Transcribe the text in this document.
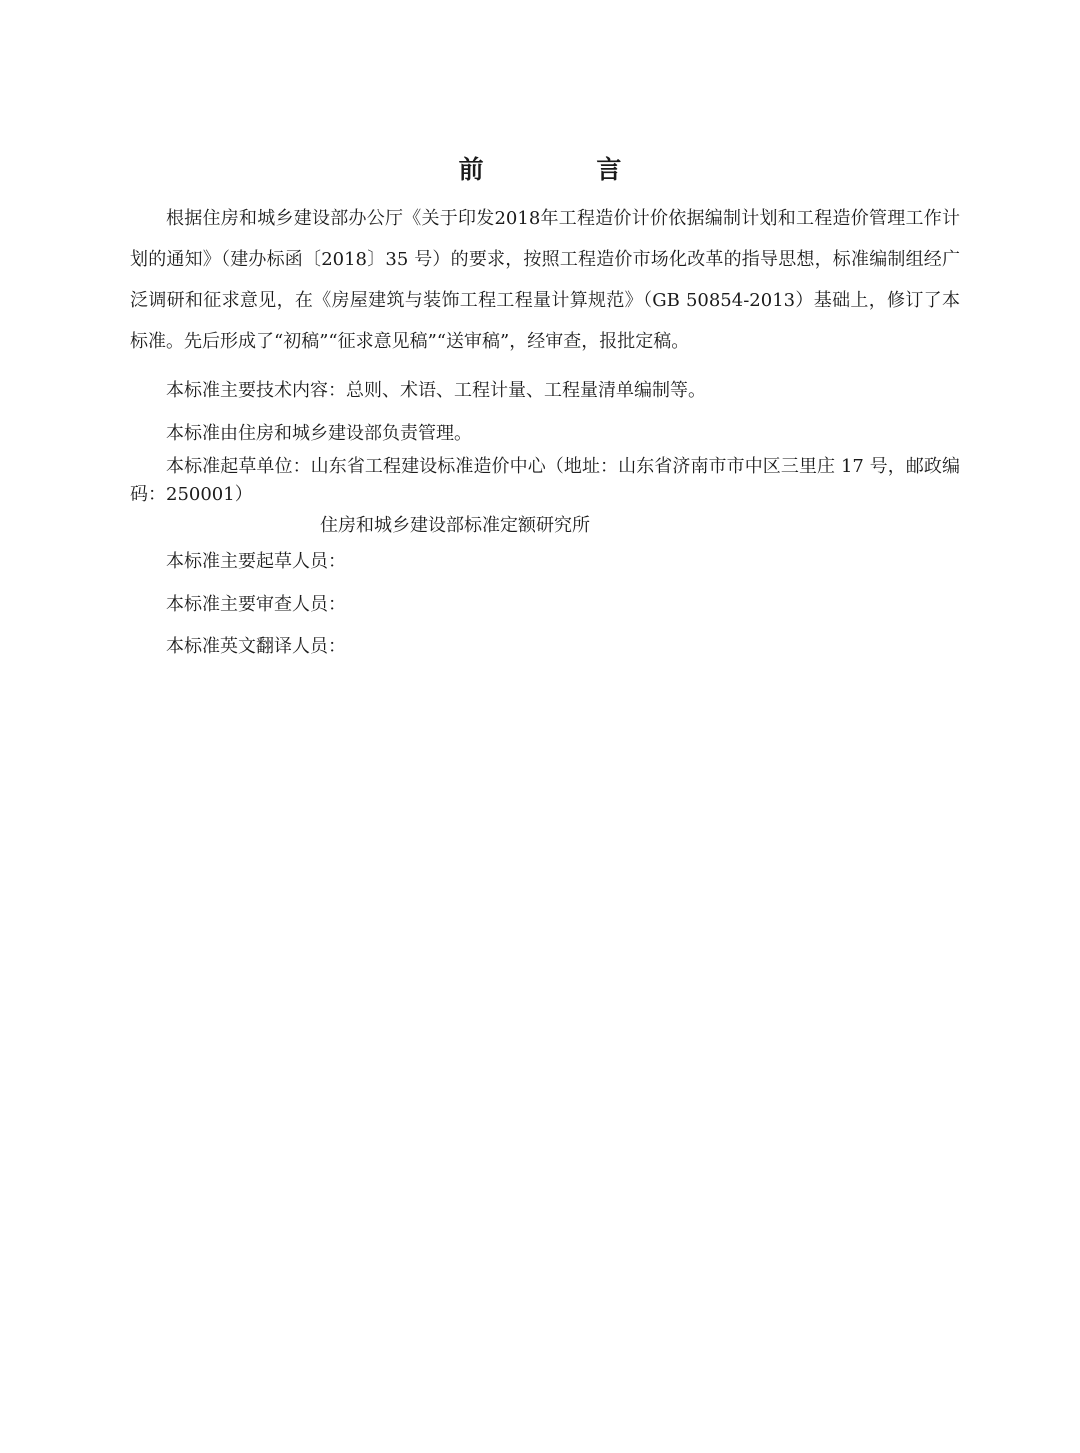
前 言
根据住房和城乡建设部办公厅《关于印发2018年工程造价计价依据编制计划和工程造价管理工作计划的通知》（建办标函〔2018〕35 号）的要求，按照工程造价市场化改革的指导思想，标准编制组经广泛调研和征求意见，在《房屋建筑与装饰工程工程量计算规范》（GB 50854-2013）基础上，修订了本标准。先后形成了“初稿”“征求意见稿”“送审稿”，经审查，报批定稿。
本标准主要技术内容：总则、术语、工程计量、工程量清单编制等。
本标准由住房和城乡建设部负责管理。
本标准起草单位：山东省工程建设标准造价中心（地址：山东省济南市市中区三里庄 17 号，邮政编码：250001）
住房和城乡建设部标准定额研究所
本标准主要起草人员：
本标准主要审查人员：
本标准英文翻译人员：
